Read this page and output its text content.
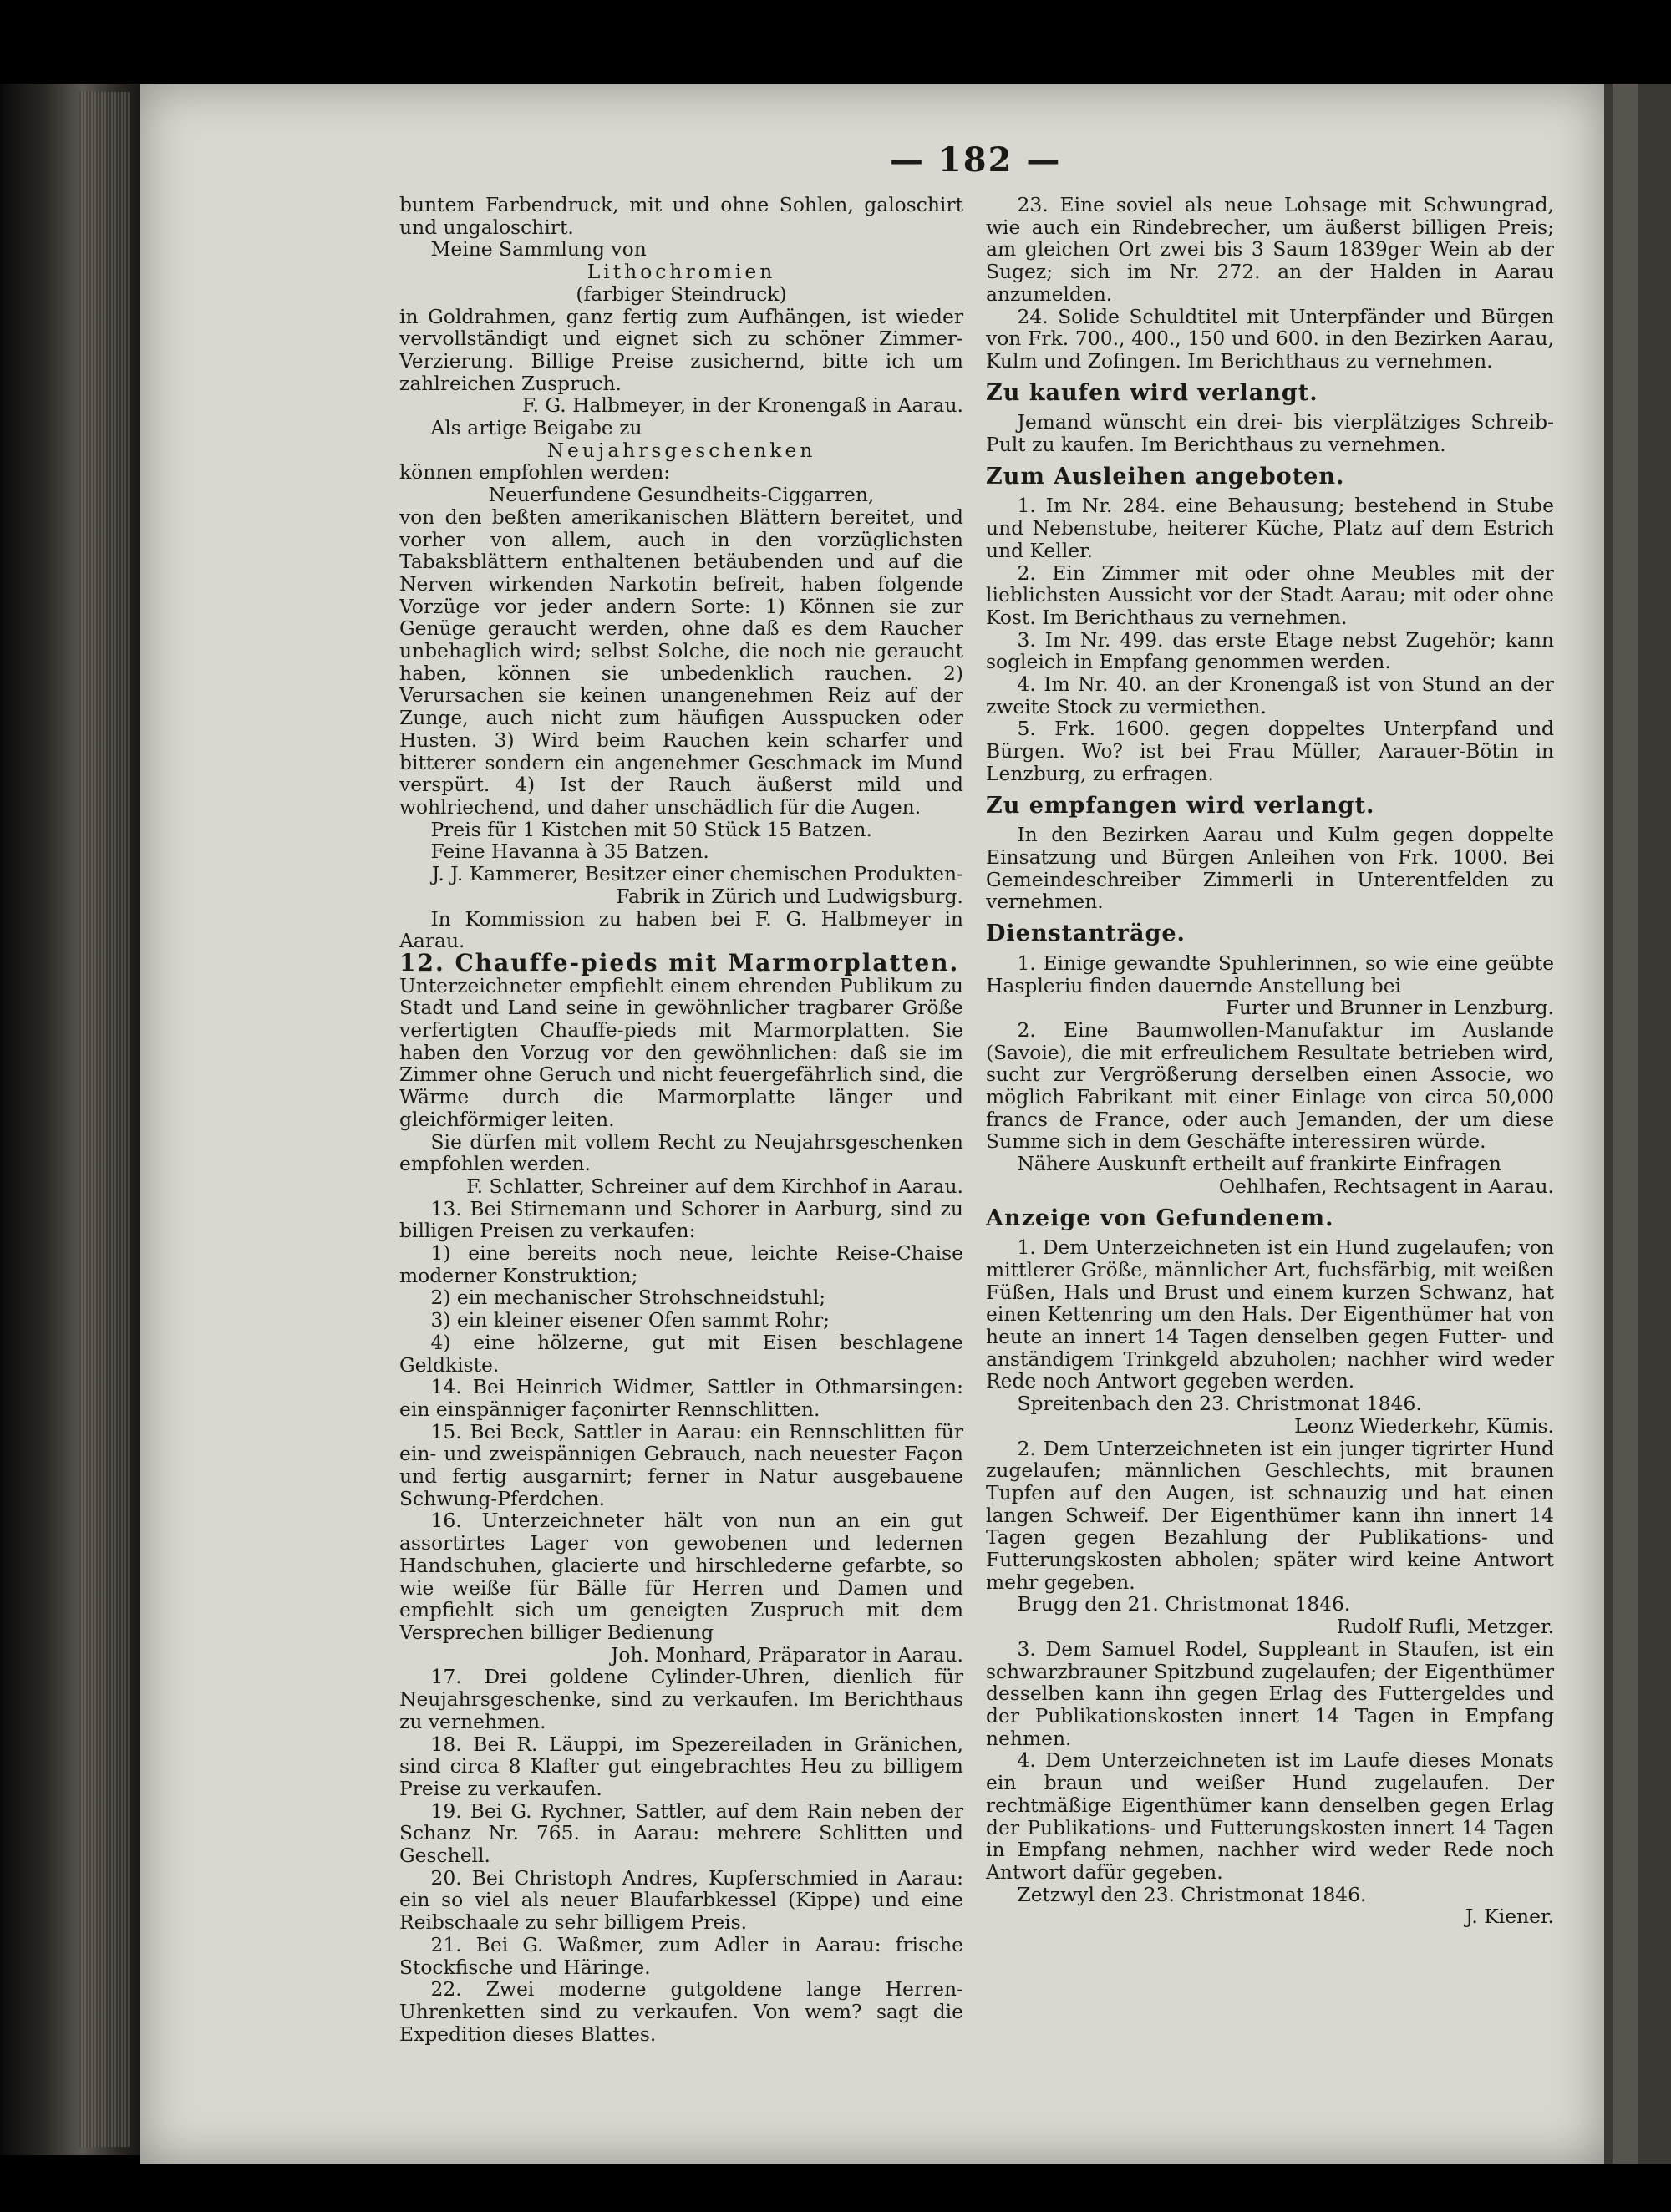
— 182 —

buntem Farbendruck, mit und ohne Sohlen, galoschirt und ungaloschirt.

Meine Sammlung von

Lithochromien

(farbiger Steindruck)

in Goldrahmen, ganz fertig zum Aufhängen, ist wieder vervollständigt und eignet sich zu schöner Zimmer-Verzierung. Billige Preise zusichernd, bitte ich um zahlreichen Zuspruch.

F. G. Halbmeyer, in der Kronengaß in Aarau.

Als artige Beigabe zu

Neujahrsgeschenken

können empfohlen werden:

Neuerfundene Gesundheits-Ciggarren,

von den beßten amerikanischen Blättern bereitet, und vorher von allem, auch in den vorzüglichsten Tabaksblättern enthaltenen betäubenden und auf die Nerven wirkenden Narkotin befreit, haben folgende Vorzüge vor jeder andern Sorte: 1) Können sie zur Genüge geraucht werden, ohne daß es dem Raucher unbehaglich wird; selbst Solche, die noch nie geraucht haben, können sie unbedenklich rauchen. 2) Verursachen sie keinen unangenehmen Reiz auf der Zunge, auch nicht zum häufigen Ausspucken oder Husten. 3) Wird beim Rauchen kein scharfer und bitterer sondern ein angenehmer Geschmack im Mund verspürt. 4) Ist der Rauch äußerst mild und wohlriechend, und daher unschädlich für die Augen.

Preis für 1 Kistchen mit 50 Stück 15 Batzen.

Feine Havanna à 35 Batzen.

J. J. Kammerer, Besitzer einer chemischen Produkten-Fabrik in Zürich und Ludwigsburg.

In Kommission zu haben bei F. G. Halbmeyer in Aarau.

12. Chauffe-pieds mit Marmorplatten.

Unterzeichneter empfiehlt einem ehrenden Publikum zu Stadt und Land seine in gewöhnlicher tragbarer Größe verfertigten Chauffe-pieds mit Marmorplatten. Sie haben den Vorzug vor den gewöhnlichen: daß sie im Zimmer ohne Geruch und nicht feuergefährlich sind, die Wärme durch die Marmorplatte länger und gleichförmiger leiten.

Sie dürfen mit vollem Recht zu Neujahrsgeschenken empfohlen werden.

F. Schlatter, Schreiner auf dem Kirchhof in Aarau.

13. Bei Stirnemann und Schorer in Aarburg, sind zu billigen Preisen zu verkaufen:

1) eine bereits noch neue, leichte Reise-Chaise moderner Konstruktion;

2) ein mechanischer Strohschneidstuhl;

3) ein kleiner eisener Ofen sammt Rohr;

4) eine hölzerne, gut mit Eisen beschlagene Geldkiste.

14. Bei Heinrich Widmer, Sattler in Othmarsingen: ein einspänniger façonirter Rennschlitten.

15. Bei Beck, Sattler in Aarau: ein Rennschlitten für ein- und zweispännigen Gebrauch, nach neuester Façon und fertig ausgarnirt; ferner in Natur ausgebauene Schwung-Pferdchen.

16. Unterzeichneter hält von nun an ein gut assortirtes Lager von gewobenen und ledernen Handschuhen, glacierte und hirschlederne gefarbte, so wie weiße für Bälle für Herren und Damen und empfiehlt sich um geneigten Zuspruch mit dem Versprechen billiger Bedienung

Joh. Monhard, Präparator in Aarau.

17. Drei goldene Cylinder-Uhren, dienlich für Neujahrsgeschenke, sind zu verkaufen. Im Berichthaus zu vernehmen.

18. Bei R. Läuppi, im Spezereiladen in Gränichen, sind circa 8 Klafter gut eingebrachtes Heu zu billigem Preise zu verkaufen.

19. Bei G. Rychner, Sattler, auf dem Rain neben der Schanz Nr. 765. in Aarau: mehrere Schlitten und Geschell.

20. Bei Christoph Andres, Kupferschmied in Aarau: ein so viel als neuer Blaufarbkessel (Kippe) und eine Reibschaale zu sehr billigem Preis.

21. Bei G. Waßmer, zum Adler in Aarau: frische Stockfische und Häringe.

22. Zwei moderne gutgoldene lange Herren-Uhrenketten sind zu verkaufen. Von wem? sagt die Expedition dieses Blattes.

23. Eine soviel als neue Lohsage mit Schwungrad, wie auch ein Rindebrecher, um äußerst billigen Preis; am gleichen Ort zwei bis 3 Saum 1839ger Wein ab der Sugez; sich im Nr. 272. an der Halden in Aarau anzumelden.

24. Solide Schuldtitel mit Unterpfänder und Bürgen von Frk. 700., 400., 150 und 600. in den Bezirken Aarau, Kulm und Zofingen. Im Berichthaus zu vernehmen.

Zu kaufen wird verlangt.

Jemand wünscht ein drei- bis vierplätziges Schreib-Pult zu kaufen. Im Berichthaus zu vernehmen.

Zum Ausleihen angeboten.

1. Im Nr. 284. eine Behausung; bestehend in Stube und Nebenstube, heiterer Küche, Platz auf dem Estrich und Keller.

2. Ein Zimmer mit oder ohne Meubles mit der lieblichsten Aussicht vor der Stadt Aarau; mit oder ohne Kost. Im Berichthaus zu vernehmen.

3. Im Nr. 499. das erste Etage nebst Zugehör; kann sogleich in Empfang genommen werden.

4. Im Nr. 40. an der Kronengaß ist von Stund an der zweite Stock zu vermiethen.

5. Frk. 1600. gegen doppeltes Unterpfand und Bürgen. Wo? ist bei Frau Müller, Aarauer-Bötin in Lenzburg, zu erfragen.

Zu empfangen wird verlangt.

In den Bezirken Aarau und Kulm gegen doppelte Einsatzung und Bürgen Anleihen von Frk. 1000. Bei Gemeindeschreiber Zimmerli in Unterentfelden zu vernehmen.

Dienstanträge.

1. Einige gewandte Spuhlerinnen, so wie eine geübte Haspleriu finden dauernde Anstellung bei

Furter und Brunner in Lenzburg.

2. Eine Baumwollen-Manufaktur im Auslande (Savoie), die mit erfreulichem Resultate betrieben wird, sucht zur Vergrößerung derselben einen Associe, wo möglich Fabrikant mit einer Einlage von circa 50,000 francs de France, oder auch Jemanden, der um diese Summe sich in dem Geschäfte interessiren würde.

Nähere Auskunft ertheilt auf frankirte Einfragen

Oehlhafen, Rechtsagent in Aarau.

Anzeige von Gefundenem.

1. Dem Unterzeichneten ist ein Hund zugelaufen; von mittlerer Größe, männlicher Art, fuchsfärbig, mit weißen Füßen, Hals und Brust und einem kurzen Schwanz, hat einen Kettenring um den Hals. Der Eigenthümer hat von heute an innert 14 Tagen denselben gegen Futter- und anständigem Trinkgeld abzuholen; nachher wird weder Rede noch Antwort gegeben werden.

Spreitenbach den 23. Christmonat 1846.

Leonz Wiederkehr, Kümis.

2. Dem Unterzeichneten ist ein junger tigrirter Hund zugelaufen; männlichen Geschlechts, mit braunen Tupfen auf den Augen, ist schnauzig und hat einen langen Schweif. Der Eigenthümer kann ihn innert 14 Tagen gegen Bezahlung der Publikations- und Futterungskosten abholen; später wird keine Antwort mehr gegeben.

Brugg den 21. Christmonat 1846.

Rudolf Rufli, Metzger.

3. Dem Samuel Rodel, Suppleant in Staufen, ist ein schwarzbrauner Spitzbund zugelaufen; der Eigenthümer desselben kann ihn gegen Erlag des Futtergeldes und der Publikationskosten innert 14 Tagen in Empfang nehmen.

4. Dem Unterzeichneten ist im Laufe dieses Monats ein braun und weißer Hund zugelaufen. Der rechtmäßige Eigenthümer kann denselben gegen Erlag der Publikations- und Futterungskosten innert 14 Tagen in Empfang nehmen, nachher wird weder Rede noch Antwort dafür gegeben.

Zetzwyl den 23. Christmonat 1846.

J. Kiener.
